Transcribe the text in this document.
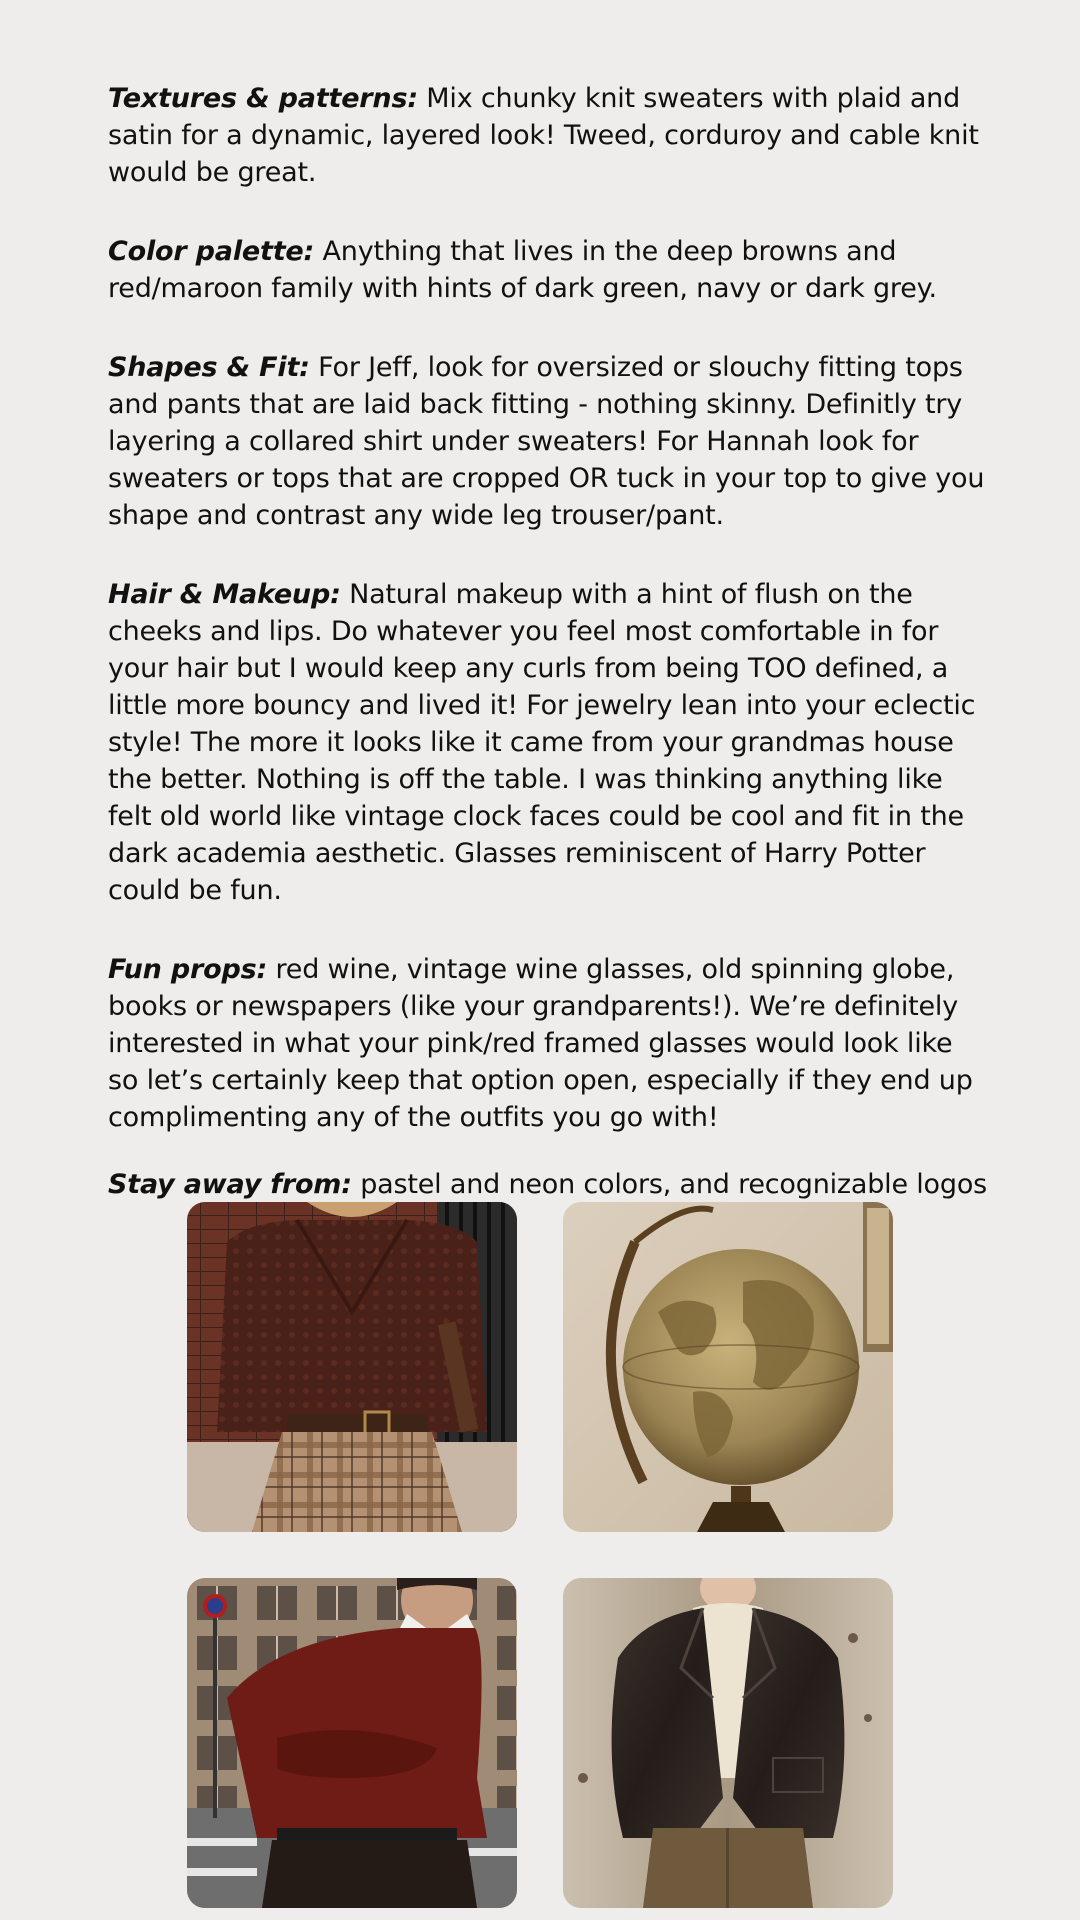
Textures & patterns: Mix chunky knit sweaters with plaid and satin for a dynamic, layered look! Tweed, corduroy and cable knit would be great.

Color palette: Anything that lives in the deep browns and red/maroon family with hints of dark green, navy or dark grey.

Shapes & Fit: For Jeff, look for oversized or slouchy fitting tops and pants that are laid back fitting - nothing skinny. Definitly try layering a collared shirt under sweaters! For Hannah look for sweaters or tops that are cropped OR tuck in your top to give you shape and contrast any wide leg trouser/pant.

Hair & Makeup: Natural makeup with a hint of flush on the cheeks and lips. Do whatever you feel most comfortable in for your hair but I would keep any curls from being TOO defined, a little more bouncy and lived it! For jewelry lean into your eclectic style! The more it looks like it came from your grandmas house the better. Nothing is off the table. I was thinking anything like felt old world like vintage clock faces could be cool and fit in the dark academia aesthetic. Glasses reminiscent of Harry Potter could be fun.

Fun props: red wine, vintage wine glasses, old spinning globe, books or newspapers (like your grandparents!). We’re definitely interested in what your pink/red framed glasses would look like so let’s certainly keep that option open, especially if they end up complimenting any of the outfits you go with!

Stay away from: pastel and neon colors, and recognizable logos
